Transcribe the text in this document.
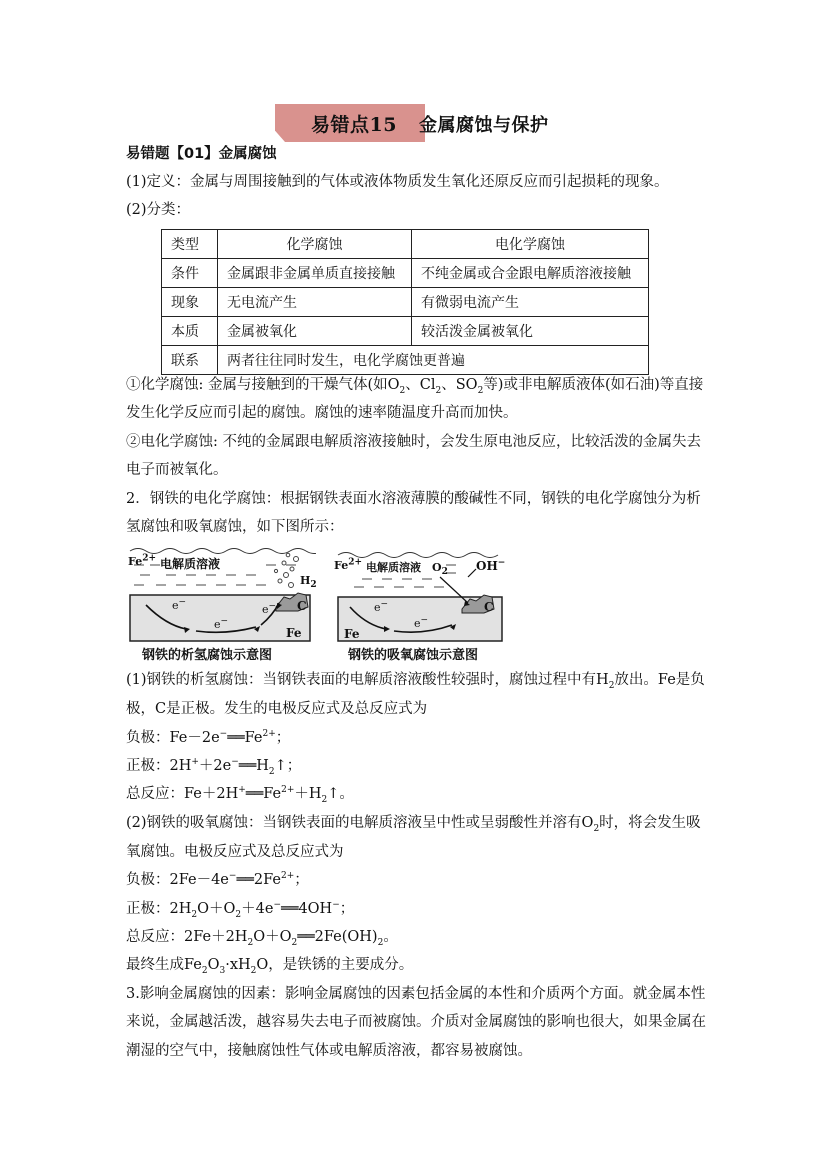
易错点15 金属腐蚀与保护
易错题【01】金属腐蚀
(1)定义：金属与周围接触到的气体或液体物质发生氧化还原反应而引起损耗的现象。
(2)分类：
类型	化学腐蚀	电化学腐蚀
条件	金属跟非金属单质直接接触	不纯金属或合金跟电解质溶液接触
现象	无电流产生	有微弱电流产生
本质	金属被氧化	较活泼金属被氧化
联系	两者往往同时发生，电化学腐蚀更普遍	
①化学腐蚀: 金属与接触到的干燥气体(如$O_2$、$Cl_2$、$SO_2$等)或非电解质液体(如石油)等直接
发生化学反应而引起的腐蚀。腐蚀的速率随温度升高而加快。
②电化学腐蚀: 不纯的金属跟电解质溶液接触时，会发生原电池反应，比较活泼的金属失去
电子而被氧化。
2．钢铁的电化学腐蚀：根据钢铁表面水溶液薄膜的酸碱性不同，钢铁的电化学腐蚀分为析
氢腐蚀和吸氧腐蚀，如下图所示：
$Fe^{2+}$ 电解质溶液
$H_2$
e−
e−
e− C
Fe
钢铁的析氢腐蚀示意图
$Fe^{2+}$ 电解质溶液 $O_2$ OH−
e−
e−
C
Fe
钢铁的吸氧腐蚀示意图
(1)钢铁的析氢腐蚀：当钢铁表面的电解质溶液酸性较强时，腐蚀过程中有$H_2$放出。Fe是负
极，C是正极。发生的电极反应式及总反应式为
负极：$Fe-2e^-══Fe^{2+}$；
正极：$2H^++2e^-══H_2↑$；
总反应：$Fe+2H^+══Fe^{2+}+H_2↑$。
(2)钢铁的吸氧腐蚀：当钢铁表面的电解质溶液呈中性或呈弱酸性并溶有$O_2$时，将会发生吸
氧腐蚀。电极反应式及总反应式为
负极：$2Fe-4e^-══2Fe^{2+}$；
正极：$2H_2O+O_2+4e^-══4OH^-$；
总反应：$2Fe+2H_2O+O_2══2Fe(OH)_2$。
最终生成$Fe_2O_3\cdot xH_2O$，是铁锈的主要成分。
3.影响金属腐蚀的因素：影响金属腐蚀的因素包括金属的本性和介质两个方面。就金属本性
来说，金属越活泼，越容易失去电子而被腐蚀。介质对金属腐蚀的影响也很大，如果金属在
潮湿的空气中，接触腐蚀性气体或电解质溶液，都容易被腐蚀。
